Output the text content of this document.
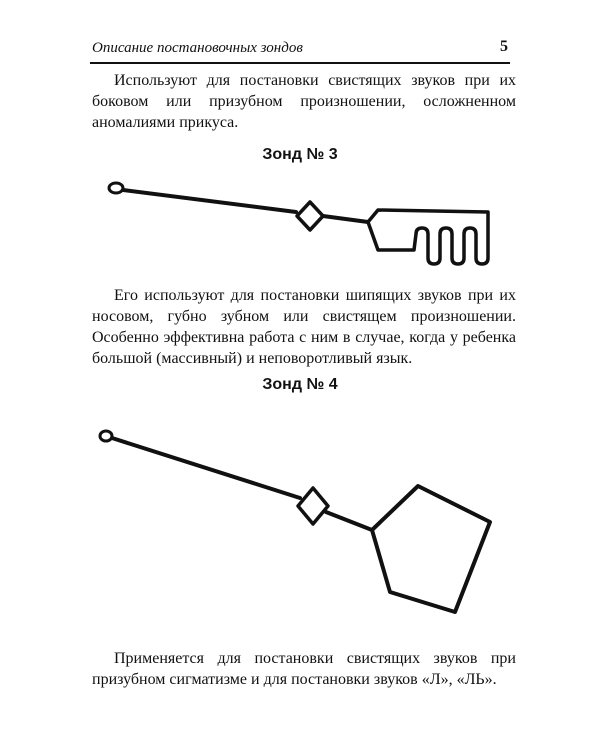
Описание постановочных зондов	5
Используют для постановки свистящих звуков при их боковом или призубном произношении, осложненном аномалиями прикуса.
Зонд № 3
Его используют для постановки шипящих звуков при их носовом, губно зубном или свистящем произношении. Особенно эффективна работа с ним в случае, когда у ребенка большой (массивный) и неповоротливый язык.
Зонд № 4
Применяется для постановки свистящих звуков при призубном сигматизме и для постановки звуков «Л», «ЛЬ».
